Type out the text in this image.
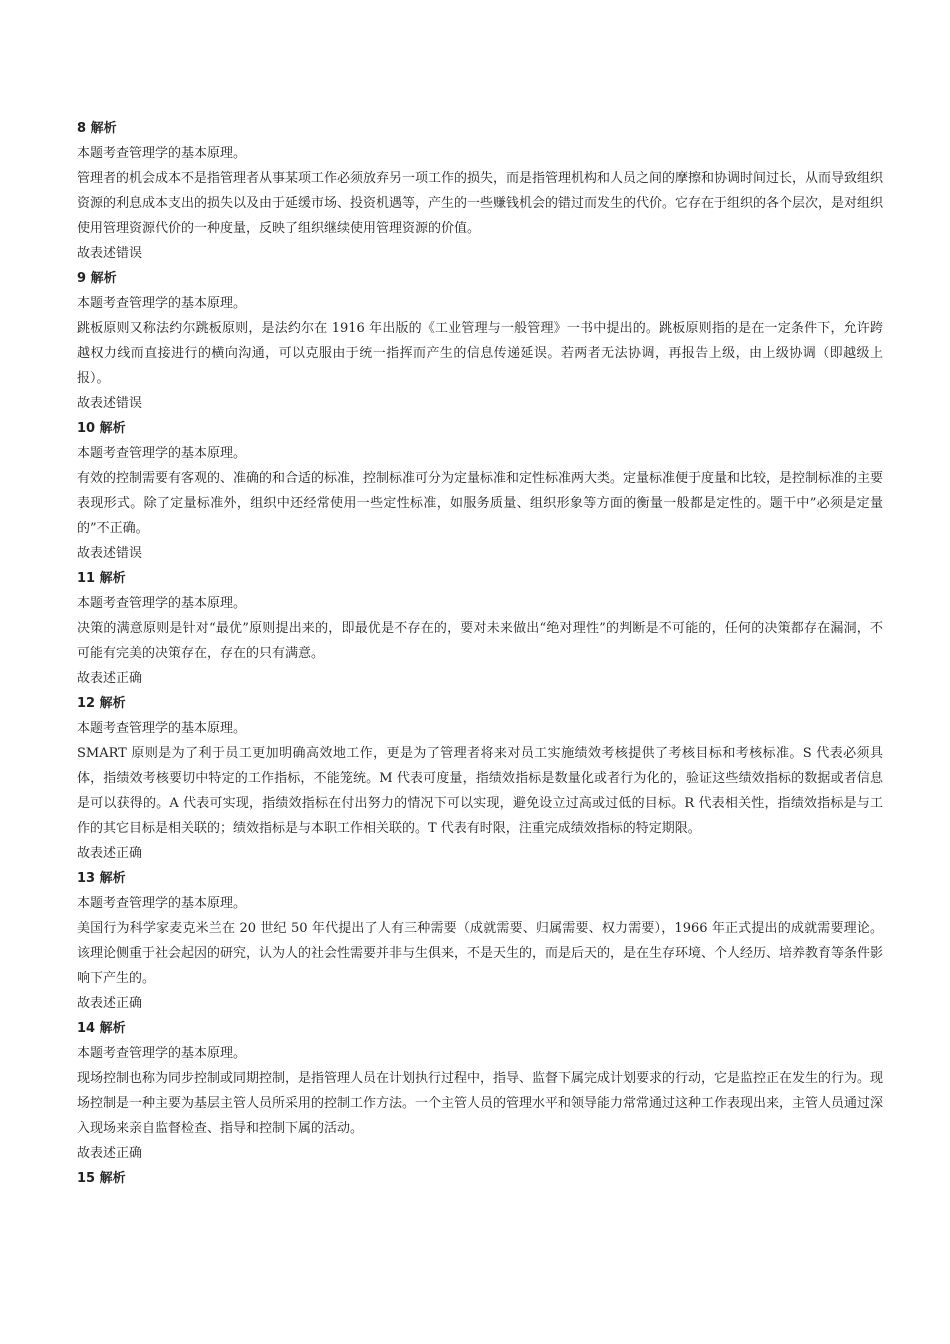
8 解析

本题考查管理学的基本原理。

管理者的机会成本不是指管理者从事某项工作必须放弃另一项工作的损失，而是指管理机构和人员之间的摩擦和协调时间过长，从而导致组织资源的利息成本支出的损失以及由于延缓市场、投资机遇等，产生的一些赚钱机会的错过而发生的代价。它存在于组织的各个层次，是对组织使用管理资源代价的一种度量，反映了组织继续使用管理资源的价值。

故表述错误

9 解析

本题考查管理学的基本原理。

跳板原则又称法约尔跳板原则，是法约尔在 1916 年出版的《工业管理与一般管理》一书中提出的。跳板原则指的是在一定条件下，允许跨越权力线而直接进行的横向沟通，可以克服由于统一指挥而产生的信息传递延误。若两者无法协调，再报告上级，由上级协调（即越级上报）。

故表述错误

10 解析

本题考查管理学的基本原理。

有效的控制需要有客观的、准确的和合适的标准，控制标准可分为定量标准和定性标准两大类。定量标准便于度量和比较，是控制标准的主要表现形式。除了定量标准外，组织中还经常使用一些定性标准，如服务质量、组织形象等方面的衡量一般都是定性的。题干中”必须是定量的”不正确。

故表述错误

11 解析

本题考查管理学的基本原理。

决策的满意原则是针对“最优”原则提出来的，即最优是不存在的，要对未来做出“绝对理性”的判断是不可能的，任何的决策都存在漏洞，不可能有完美的决策存在，存在的只有满意。

故表述正确

12 解析

本题考查管理学的基本原理。

SMART 原则是为了利于员工更加明确高效地工作，更是为了管理者将来对员工实施绩效考核提供了考核目标和考核标准。S 代表必须具体，指绩效考核要切中特定的工作指标，不能笼统。M 代表可度量，指绩效指标是数量化或者行为化的，验证这些绩效指标的数据或者信息是可以获得的。A 代表可实现，指绩效指标在付出努力的情况下可以实现，避免设立过高或过低的目标。R 代表相关性，指绩效指标是与工作的其它目标是相关联的；绩效指标是与本职工作相关联的。T 代表有时限，注重完成绩效指标的特定期限。

故表述正确

13 解析

本题考查管理学的基本原理。

美国行为科学家麦克米兰在 20 世纪 50 年代提出了人有三种需要（成就需要、归属需要、权力需要），1966 年正式提出的成就需要理论。该理论侧重于社会起因的研究，认为人的社会性需要并非与生俱来，不是天生的，而是后天的，是在生存环境、个人经历、培养教育等条件影响下产生的。

故表述正确

14 解析

本题考查管理学的基本原理。

现场控制也称为同步控制或同期控制，是指管理人员在计划执行过程中，指导、监督下属完成计划要求的行动，它是监控正在发生的行为。现场控制是一种主要为基层主管人员所采用的控制工作方法。一个主管人员的管理水平和领导能力常常通过这种工作表现出来，主管人员通过深入现场来亲自监督检查、指导和控制下属的活动。

故表述正确

15 解析
